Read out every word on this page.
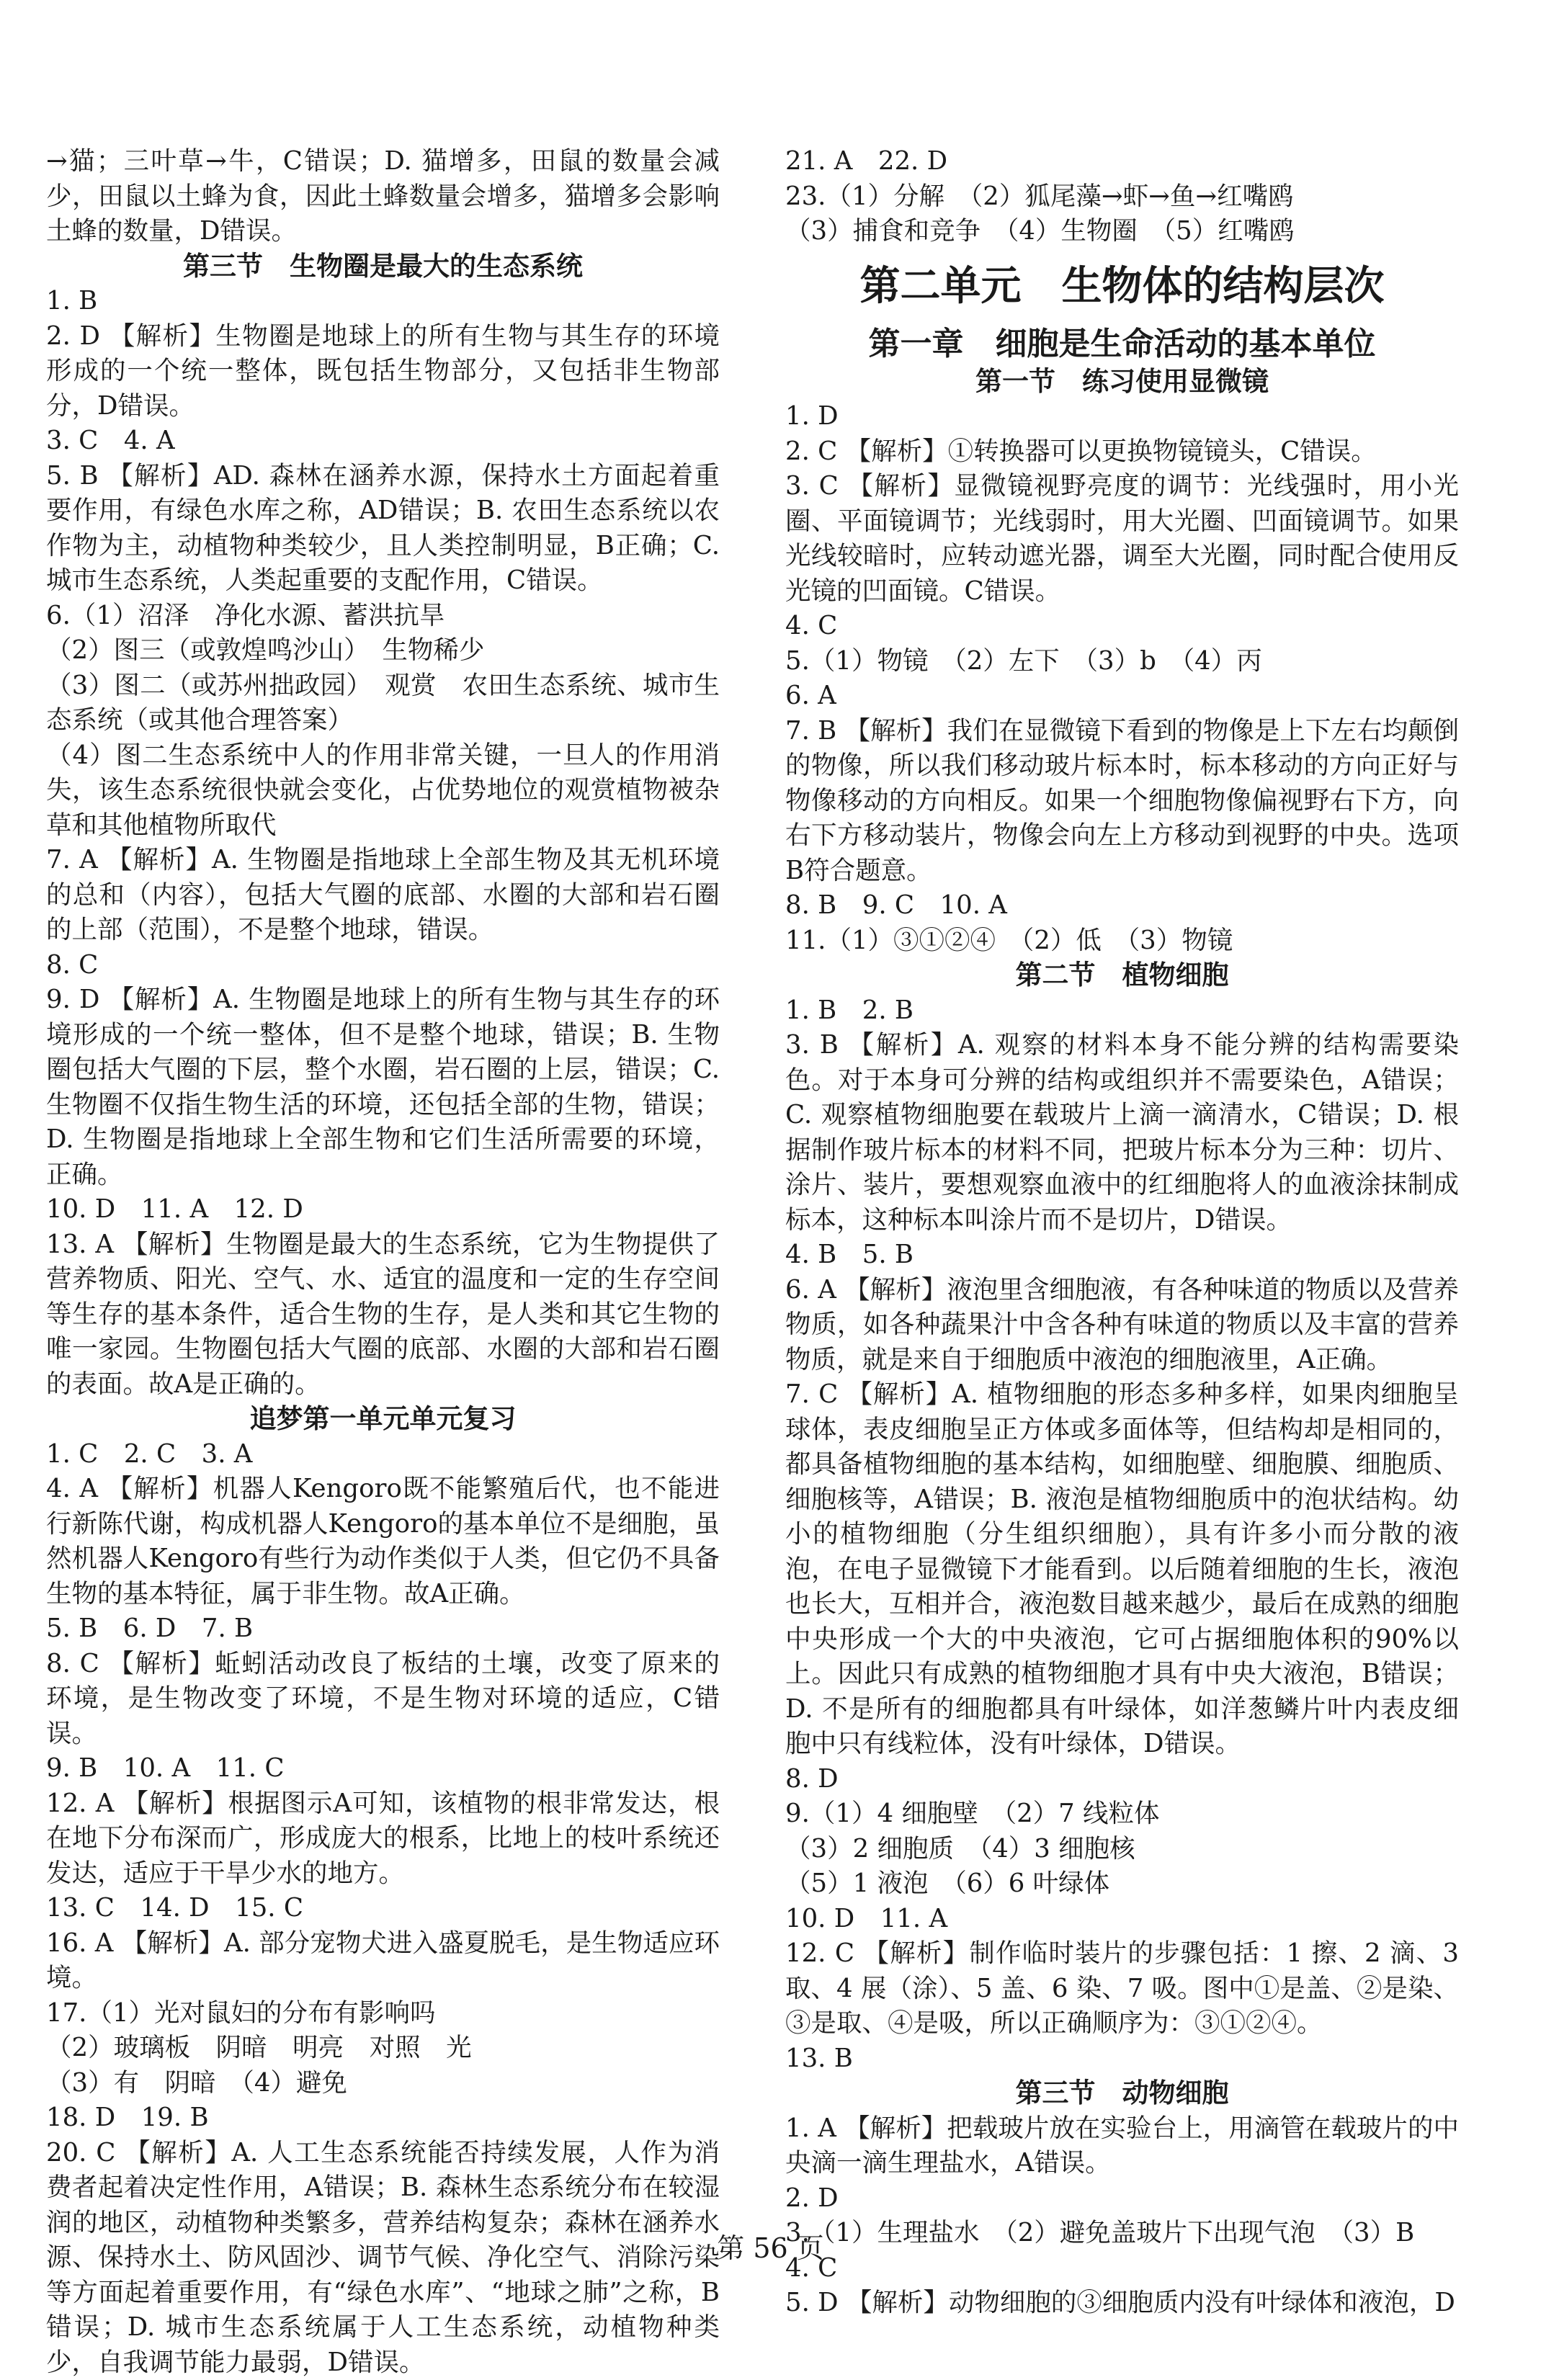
→猫；三叶草→牛，C错误；D. 猫增多，田鼠的数量会减少，田鼠以土蜂为食，因此土蜂数量会增多，猫增多会影响土蜂的数量，D错误。
第三节　生物圈是最大的生态系统
1. B
2. D 【解析】生物圈是地球上的所有生物与其生存的环境形成的一个统一整体，既包括生物部分，又包括非生物部分，D错误。
3. C　4. A
5. B 【解析】AD. 森林在涵养水源，保持水土方面起着重要作用，有绿色水库之称，AD错误；B. 农田生态系统以农作物为主，动植物种类较少，且人类控制明显，B正确；C. 城市生态系统，人类起重要的支配作用，C错误。
6.（1）沼泽　净化水源、蓄洪抗旱
（2）图三（或敦煌鸣沙山）　生物稀少
（3）图二（或苏州拙政园）　观赏　农田生态系统、城市生态系统（或其他合理答案）
（4）图二生态系统中人的作用非常关键，一旦人的作用消失，该生态系统很快就会变化，占优势地位的观赏植物被杂草和其他植物所取代
7. A 【解析】A. 生物圈是指地球上全部生物及其无机环境的总和（内容），包括大气圈的底部、水圈的大部和岩石圈的上部（范围），不是整个地球，错误。
8. C
9. D 【解析】A. 生物圈是地球上的所有生物与其生存的环境形成的一个统一整体，但不是整个地球，错误；B. 生物圈包括大气圈的下层，整个水圈，岩石圈的上层，错误；C. 生物圈不仅指生物生活的环境，还包括全部的生物，错误；D. 生物圈是指地球上全部生物和它们生活所需要的环境，正确。
10. D　11. A　12. D
13. A 【解析】生物圈是最大的生态系统，它为生物提供了营养物质、阳光、空气、水、适宜的温度和一定的生存空间等生存的基本条件，适合生物的生存，是人类和其它生物的唯一家园。生物圈包括大气圈的底部、水圈的大部和岩石圈的表面。故A是正确的。
追梦第一单元单元复习
1. C　2. C　3. A
4. A 【解析】机器人Kengoro既不能繁殖后代，也不能进行新陈代谢，构成机器人Kengoro的基本单位不是细胞，虽然机器人Kengoro有些行为动作类似于人类，但它仍不具备生物的基本特征，属于非生物。故A正确。
5. B　6. D　7. B
8. C 【解析】蚯蚓活动改良了板结的土壤，改变了原来的环境，是生物改变了环境，不是生物对环境的适应，C错误。
9. B　10. A　11. C
12. A 【解析】根据图示A可知，该植物的根非常发达，根在地下分布深而广，形成庞大的根系，比地上的枝叶系统还发达，适应于干旱少水的地方。
13. C　14. D　15. C
16. A 【解析】A. 部分宠物犬进入盛夏脱毛，是生物适应环境。
17.（1）光对鼠妇的分布有影响吗
（2）玻璃板　阴暗　明亮　对照　光
（3）有　阴暗　（4）避免
18. D　19. B
20. C 【解析】A. 人工生态系统能否持续发展，人作为消费者起着决定性作用，A错误；B. 森林生态系统分布在较湿润的地区，动植物种类繁多，营养结构复杂；森林在涵养水源、保持水土、防风固沙、调节气候、净化空气、消除污染等方面起着重要作用，有“绿色水库”、“地球之肺”之称，B错误；D. 城市生态系统属于人工生态系统，动植物种类少，自我调节能力最弱，D错误。
21. A　22. D
23.（1）分解　（2）狐尾藻→虾→鱼→红嘴鸥
（3）捕食和竞争　（4）生物圈　（5）红嘴鸥
第二单元　生物体的结构层次
第一章　细胞是生命活动的基本单位
第一节　练习使用显微镜
1. D
2. C 【解析】①转换器可以更换物镜镜头，C错误。
3. C 【解析】显微镜视野亮度的调节：光线强时，用小光圈、平面镜调节；光线弱时，用大光圈、凹面镜调节。如果光线较暗时，应转动遮光器，调至大光圈，同时配合使用反光镜的凹面镜。C错误。
4. C
5.（1）物镜　（2）左下　（3）b　（4）丙
6. A
7. B 【解析】我们在显微镜下看到的物像是上下左右均颠倒的物像，所以我们移动玻片标本时，标本移动的方向正好与物像移动的方向相反。如果一个细胞物像偏视野右下方，向右下方移动装片，物像会向左上方移动到视野的中央。选项B符合题意。
8. B　9. C　10. A
11.（1）③①②④　（2）低　（3）物镜
第二节　植物细胞
1. B　2. B
3. B 【解析】A. 观察的材料本身不能分辨的结构需要染色。对于本身可分辨的结构或组织并不需要染色，A错误；C. 观察植物细胞要在载玻片上滴一滴清水，C错误；D. 根据制作玻片标本的材料不同，把玻片标本分为三种：切片、涂片、装片，要想观察血液中的红细胞将人的血液涂抹制成标本，这种标本叫涂片而不是切片，D错误。
4. B　5. B
6. A 【解析】液泡里含细胞液，有各种味道的物质以及营养物质，如各种蔬果汁中含各种有味道的物质以及丰富的营养物质，就是来自于细胞质中液泡的细胞液里，A正确。
7. C 【解析】A. 植物细胞的形态多种多样，如果肉细胞呈球体，表皮细胞呈正方体或多面体等，但结构却是相同的，都具备植物细胞的基本结构，如细胞壁、细胞膜、细胞质、细胞核等，A错误；B. 液泡是植物细胞质中的泡状结构。幼小的植物细胞（分生组织细胞），具有许多小而分散的液泡，在电子显微镜下才能看到。以后随着细胞的生长，液泡也长大，互相并合，液泡数目越来越少，最后在成熟的细胞中央形成一个大的中央液泡，它可占据细胞体积的90%以上。因此只有成熟的植物细胞才具有中央大液泡，B错误；D. 不是所有的细胞都具有叶绿体，如洋葱鳞片叶内表皮细胞中只有线粒体，没有叶绿体，D错误。
8. D
9.（1）4 细胞壁　（2）7 线粒体
（3）2 细胞质　（4）3 细胞核
（5）1 液泡　（6）6 叶绿体
10. D　11. A
12. C 【解析】制作临时装片的步骤包括：1 擦、2 滴、3 取、4 展（涂）、5 盖、6 染、7 吸。图中①是盖、②是染、③是取、④是吸，所以正确顺序为：③①②④。
13. B
第三节　动物细胞
1. A 【解析】把载玻片放在实验台上，用滴管在载玻片的中央滴一滴生理盐水，A错误。
2. D
3.（1）生理盐水　（2）避免盖玻片下出现气泡　（3）B
4. C
5. D 【解析】动物细胞的③细胞质内没有叶绿体和液泡，D
第 56 页
